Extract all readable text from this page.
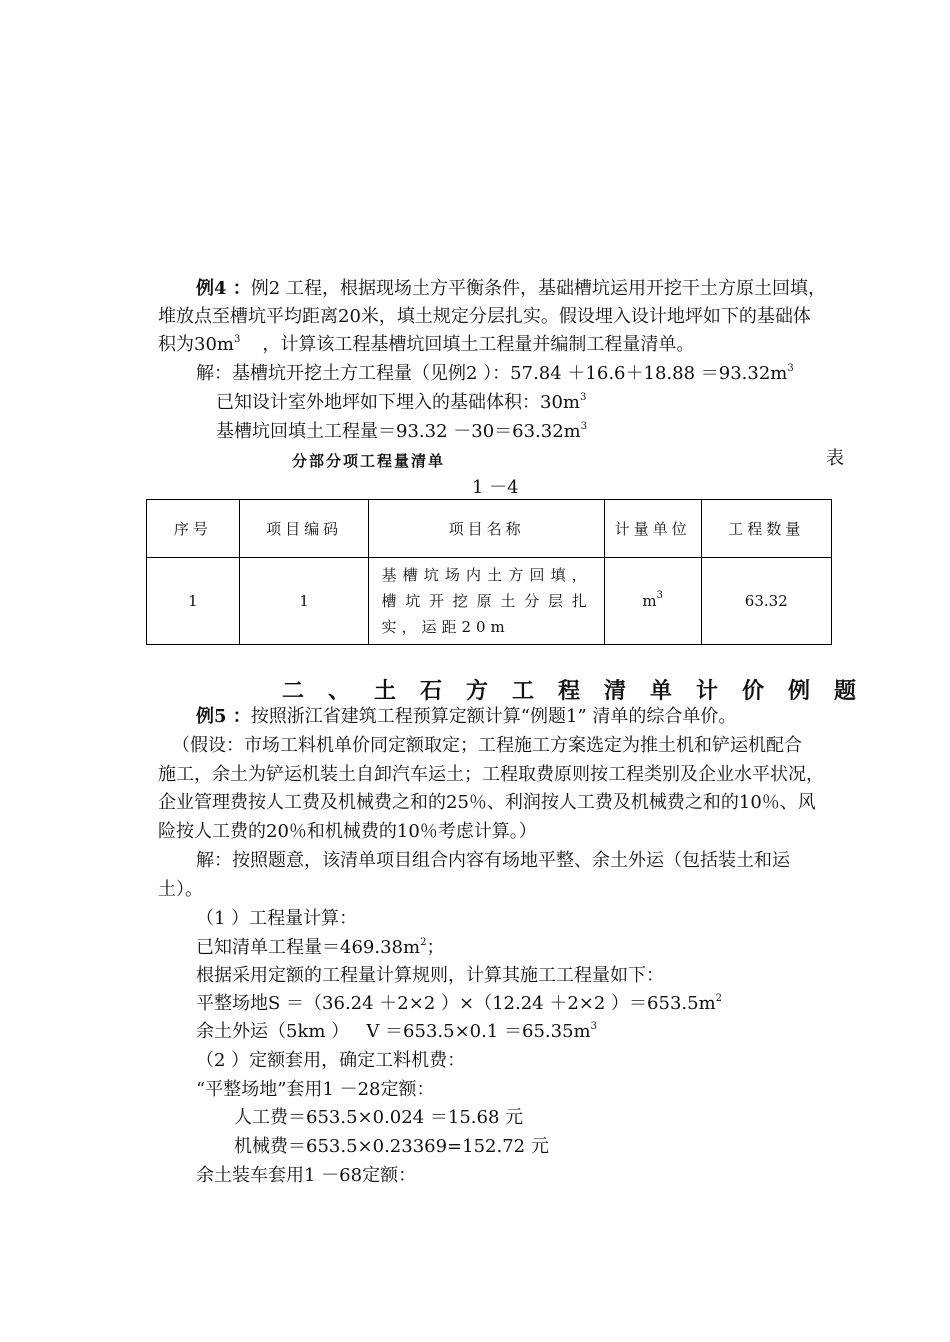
例4 ：例2 工程，根据现场土方平衡条件，基础槽坑运用开挖干土方原土回填，
堆放点至槽坑平均距离20米，填土规定分层扎实。假设埋入设计地坪如下的基础体
积为$30m^3$ ，计算该工程基槽坑回填土工程量并编制工程量清单。
解：基槽坑开挖土方工程量（见例2 ）：$57.84 +16.6+18.88 =93.32m^3$
已知设计室外地坪如下埋入的基础体积：$30m^3$
基槽坑回填土工程量$=93.32 -30=63.32m^3$
分部分项工程量清单	表
1 －4
序号	项目编码	项目名称	计量单位	工程数量
1	1	基槽坑场内土方回填，槽坑开挖原土分层扎实，运距20m	$m^3$	63.32
二、土石方工程清单计价例题
例5 ：按照浙江省建筑工程预算定额计算“例题1” 清单的综合单价。
（假设：市场工料机单价同定额取定；工程施工方案选定为推土机和铲运机配合
施工，余土为铲运机装土自卸汽车运土；工程取费原则按工程类别及企业水平状况，
企业管理费按人工费及机械费之和的25％、利润按人工费及机械费之和的10％、风
险按人工费的20％和机械费的10％考虑计算。）
解：按照题意，该清单项目组合内容有场地平整、余土外运（包括装土和运
土）。
（1 ）工程量计算：
已知清单工程量$=469.38m^2$；
根据采用定额的工程量计算规则，计算其施工工程量如下：
平整场地S ＝（36.24 ＋2×2 ）×（12.24 ＋2×2 ）$=653.5m^2$
余土外运（5km ）   $V =653.5\times 0.1 =65.35m^3$
（2 ）定额套用，确定工料机费：
“平整场地”套用1 －28定额：
人工费＝653.5×0.024 ＝15.68 元
机械费＝653.5×0.23369=152.72 元
余土装车套用1 －68定额：
